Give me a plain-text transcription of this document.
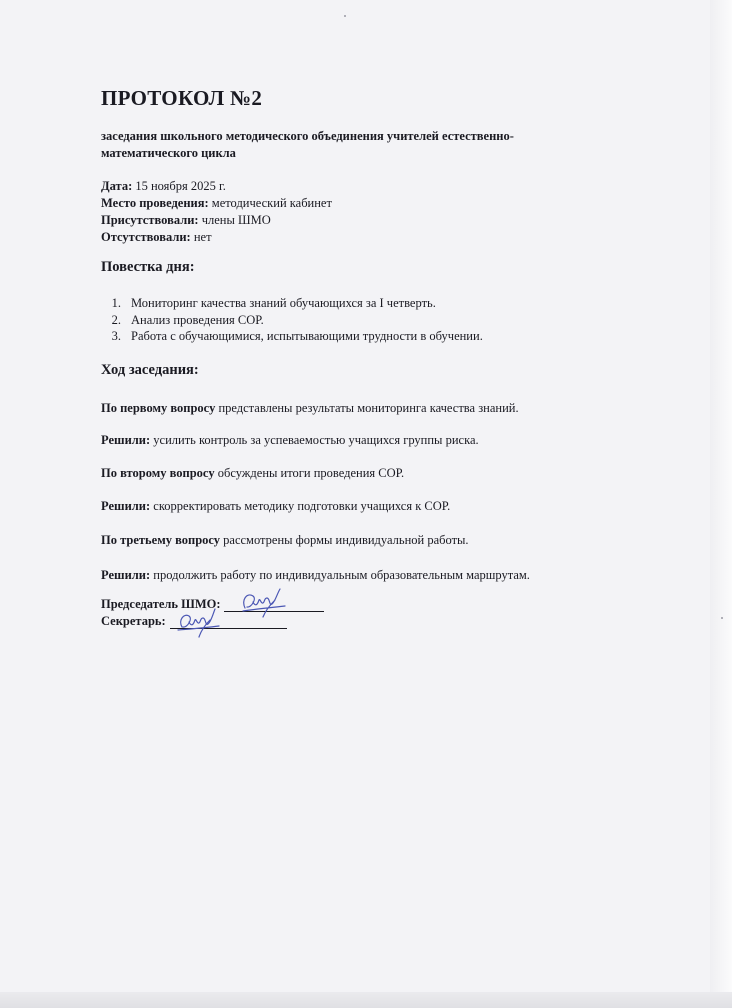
ПРОТОКОЛ №2

заседания школьного методического объединения учителей естественно-математического цикла

Дата: 15 ноября 2025 г.
Место проведения: методический кабинет
Присутствовали: члены ШМО
Отсутствовали: нет
Повестка дня:
1. Мониторинг качества знаний обучающихся за I четверть.
2. Анализ проведения СОР.
3. Работа с обучающимися, испытывающими трудности в обучении.
Ход заседания:

По первому вопросу представлены результаты мониторинга качества знаний.

Решили: усилить контроль за успеваемостью учащихся группы риска.

По второму вопросу обсуждены итоги проведения СОР.

Решили: скорректировать методику подготовки учащихся к СОР.

По третьему вопросу рассмотрены формы индивидуальной работы.

Решили: продолжить работу по индивидуальным образовательным маршрутам.

Председатель ШМО:
Секретарь:
